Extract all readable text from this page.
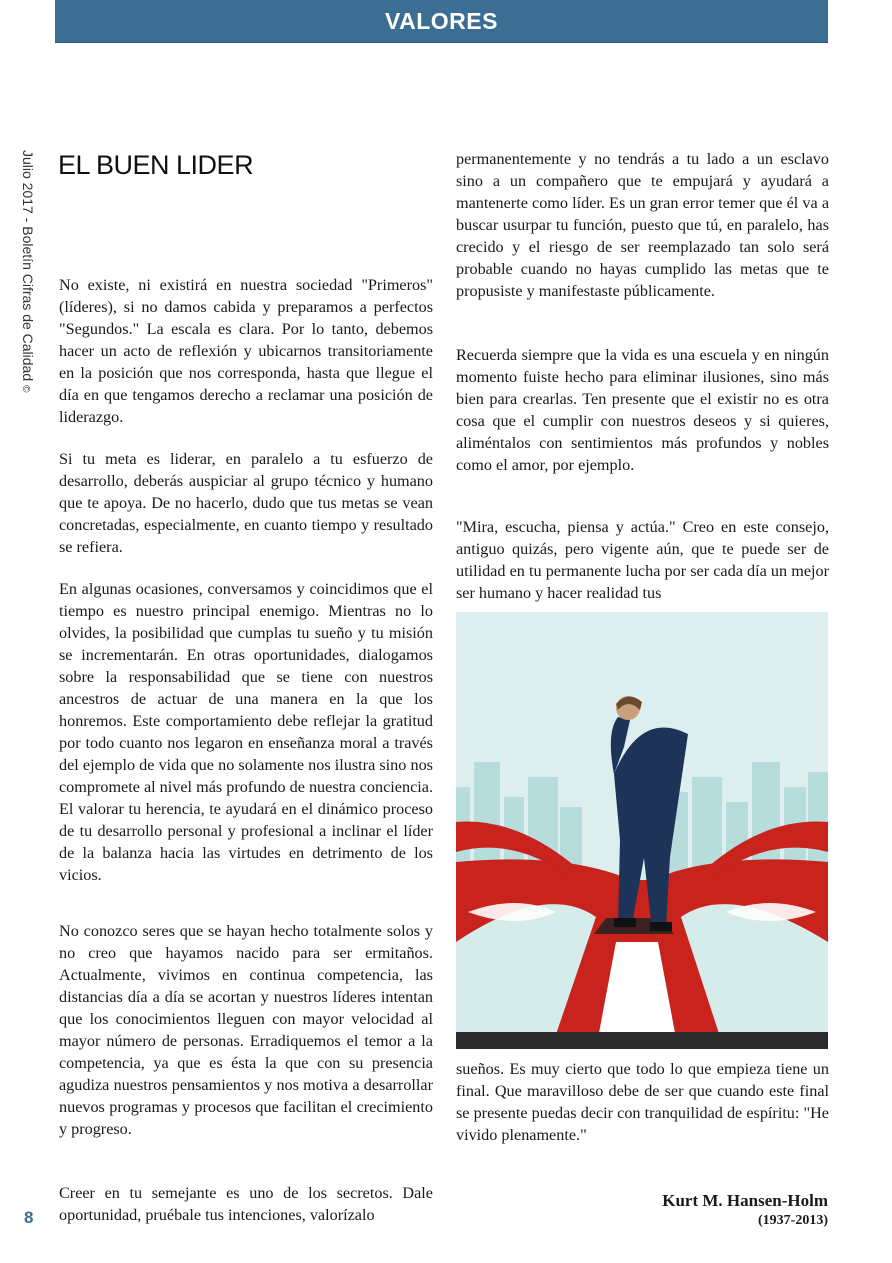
VALORES
Julio 2017 - Boletín Cifras de Calidad©
EL BUEN LIDER

No existe, ni existirá en nuestra sociedad "Primeros" (líderes), si no damos cabida y preparamos a perfectos "Segundos." La escala es clara. Por lo tanto, debemos hacer un acto de reflexión y ubicarnos transitoriamente en la posición que nos corresponda, hasta que llegue el día en que tengamos derecho a reclamar una posición de liderazgo.

Si tu meta es liderar, en paralelo a tu esfuerzo de desarrollo, deberás auspiciar al grupo técnico y humano que te apoya. De no hacerlo, dudo que tus metas se vean concretadas, especialmente, en cuanto tiempo y resultado se refiera.

En algunas ocasiones, conversamos y coincidimos que el tiempo es nuestro principal enemigo. Mientras no lo olvides, la posibilidad que cumplas tu sueño y tu misión se incrementarán. En otras oportunidades, dialogamos sobre la responsabilidad que se tiene con nuestros ancestros de actuar de una manera en la que los honremos. Este comportamiento debe reflejar la gratitud por todo cuanto nos legaron en enseñanza moral a través del ejemplo de vida que no solamente nos ilustra sino nos compromete al nivel más profundo de nuestra conciencia. El valorar tu herencia, te ayudará en el dinámico proceso de tu desarrollo personal y profesional a inclinar el líder de la balanza hacia las virtudes en detrimento de los vicios.

No conozco seres que se hayan hecho totalmente solos y no creo que hayamos nacido para ser ermitaños. Actualmente, vivimos en continua competencia, las distancias día a día se acortan y nuestros líderes intentan que los conocimientos lleguen con mayor velocidad al mayor número de personas. Erradiquemos el temor a la competencia, ya que es ésta la que con su presencia agudiza nuestros pensamientos y nos motiva a desarrollar nuevos programas y procesos que facilitan el crecimiento y progreso.

Creer en tu semejante es uno de los secretos. Dale oportunidad, pruébale tus intenciones, valorízalo

permanentemente y no tendrás a tu lado a un esclavo sino a un compañero que te empujará y ayudará a mantenerte como líder. Es un gran error temer que él va a buscar usurpar tu función, puesto que tú, en paralelo, has crecido y el riesgo de ser reemplazado tan solo será probable cuando no hayas cumplido las metas que te propusiste y manifestaste públicamente.

Recuerda siempre que la vida es una escuela y en ningún momento fuiste hecho para eliminar ilusiones, sino más bien para crearlas. Ten presente que el existir no es otra cosa que el cumplir con nuestros deseos y si quieres, aliméntalos con sentimientos más profundos y nobles como el amor, por ejemplo.

"Mira, escucha, piensa y actúa." Creo en este consejo, antiguo quizás, pero vigente aún, que te puede ser de utilidad en tu permanente lucha por ser cada día un mejor ser humano y hacer realidad tus

sueños. Es muy cierto que todo lo que empieza tiene un final. Que maravilloso debe de ser que cuando este final se presente puedas decir con tranquilidad de espíritu: "He vivido plenamente."

Kurt M. Hansen-Holm
(1937-2013)
8
